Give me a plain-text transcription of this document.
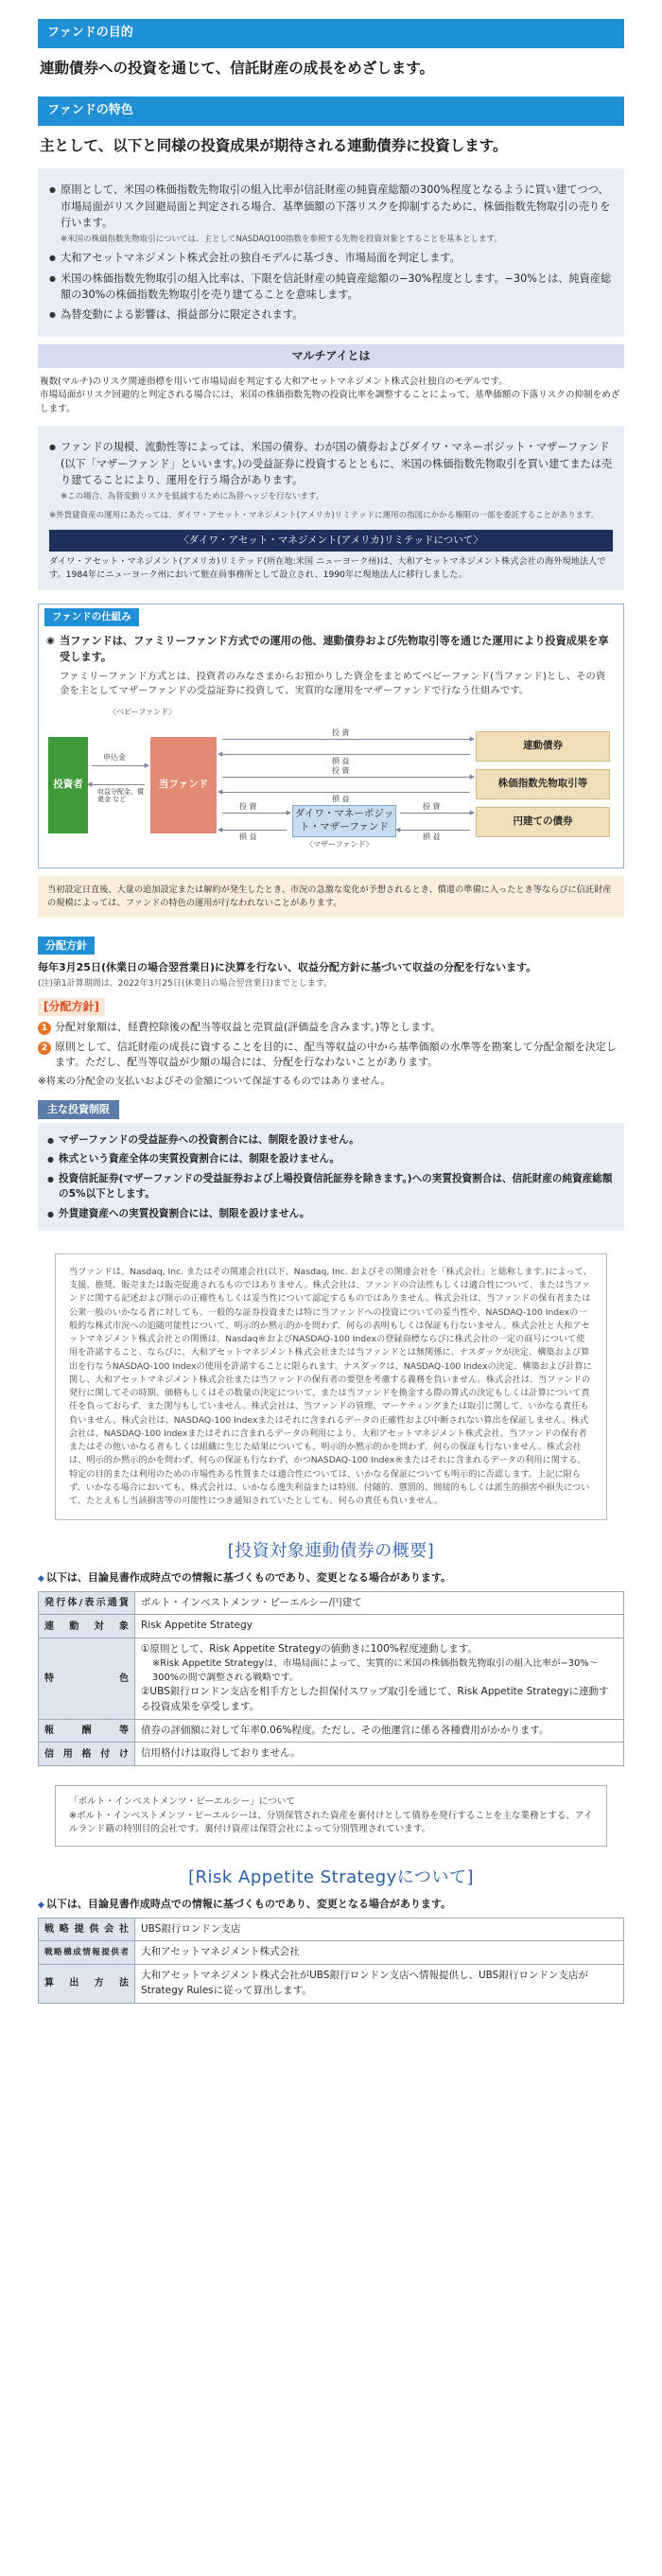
ファンドの目的
連動債券への投資を通じて、信託財産の成長をめざします。
ファンドの特色
主として、以下と同様の投資成果が期待される連動債券に投資します。
● 原則として、米国の株価指数先物取引の組入比率が信託財産の純資産総額の300%程度となるように買い建てつつ、市場局面がリスク回避局面と判定される場合、基準価額の下落リスクを抑制するために、株価指数先物取引の売りを行います。
※米国の株価指数先物取引については、主としてNASDAQ100指数を参照する先物を投資対象とすることを基本とします。
● 大和アセットマネジメント株式会社の独自モデルに基づき、市場局面を判定します。
● 米国の株価指数先物取引の組入比率は、下限を信託財産の純資産総額の−30%程度とします。−30%とは、純資産総額の30%の株価指数先物取引を売り建てることを意味します。
● 為替変動による影響は、損益部分に限定されます。
マルチアイとは
複数(マルチ)のリスク関連指標を用いて市場局面を判定する大和アセットマネジメント株式会社独自のモデルです。
市場局面がリスク回避的と判定される場合には、米国の株価指数先物の投資比率を調整することによって、基準価額の下落リスクの抑制をめざします。
● ファンドの規模、流動性等によっては、米国の債券、わが国の債券およびダイワ・マネーポジット・マザーファンド(以下「マザーファンド」といいます。)の受益証券に投資するとともに、米国の株価指数先物取引を買い建てまたは売り建てることにより、運用を行う場合があります。
※この場合、為替変動リスクを低減するために為替ヘッジを行ないます。
※外貨建資産の運用にあたっては、ダイワ・アセット・マネジメント(アメリカ)リミテッドに運用の指図にかかる権限の一部を委託することがあります。
〈ダイワ・アセット・マネジメント(アメリカ)リミテッドについて〉
ダイワ・アセット・マネジメント(アメリカ)リミテッド(所在地:米国 ニューヨーク州)は、大和アセットマネジメント株式会社の海外現地法人です。1984年にニューヨーク州において駐在員事務所として設立され、1990年に現地法人に移行しました。
ファンドの仕組み
◉ 当ファンドは、ファミリーファンド方式での運用の他、連動債券および先物取引等を通じた運用により投資成果を享受します。
ファミリーファンド方式とは、投資者のみなさまからお預かりした資金をまとめてベビーファンド(当ファンド)とし、その資金を主としてマザーファンドの受益証券に投資して、実質的な運用をマザーファンドで行なう仕組みです。
投資者
〈ベビーファンド〉
当ファンド
▶
申込金
◀
収益分配金、償還金 など
連動債券
株価指数先物取引等
円建ての債券
▶
投 資
◀
損 益
▶
投 資
◀
損 益
〈マザーファンド〉
ダイワ・マネーポジット・マザーファンド
▶
投 資
◀
損 益
▶
投 資
◀
損 益
当初設定日直後、大量の追加設定または解約が発生したとき、市況の急激な変化が予想されるとき、償還の準備に入ったとき等ならびに信託財産の規模によっては、ファンドの特色の運用が行なわれないことがあります。
分配方針
毎年3月25日(休業日の場合翌営業日)に決算を行ない、収益分配方針に基づいて収益の分配を行ないます。
(注)第1計算期間は、2022年3月25日(休業日の場合翌営業日)までとします。
[分配方針]
1 分配対象額は、経費控除後の配当等収益と売買益(評価益を含みます。)等とします。
2 原則として、信託財産の成長に資することを目的に、配当等収益の中から基準価額の水準等を勘案して分配金額を決定します。ただし、配当等収益が少額の場合には、分配を行なわないことがあります。
※将来の分配金の支払いおよびその金額について保証するものではありません。
主な投資制限
● マザーファンドの受益証券への投資割合には、制限を設けません。
● 株式という資産全体の実質投資割合には、制限を設けません。
● 投資信託証券(マザーファンドの受益証券および上場投資信託証券を除きます。)への実質投資割合は、信託財産の純資産総額の5%以下とします。
● 外貨建資産への実質投資割合には、制限を設けません。
当ファンドは、Nasdaq, Inc. またはその関連会社(以下、Nasdaq, Inc. およびその関連会社を「株式会社」と総称します。)によって、支援、推奨、販売または販売促進されるものではありません。株式会社は、ファンドの合法性もしくは適合性について、または当ファンドに関する記述および開示の正確性もしくは妥当性について認定するものではありません。株式会社は、当ファンドの保有者または公衆一般のいかなる者に対しても、一般的な証券投資または特に当ファンドへの投資についての妥当性や、NASDAQ-100 Indexの一般的な株式市況への追随可能性について、明示的か黙示的かを問わず、何らの表明もしくは保証も行ないません。株式会社と大和アセットマネジメント株式会社との関係は、Nasdaq®およびNASDAQ-100 Indexの登録商標ならびに株式会社の一定の商号について使用を許諾すること、ならびに、大和アセットマネジメント株式会社または当ファンドとは無関係に、ナスダックが決定、構築および算出を行なうNASDAQ-100 Indexの使用を許諾することに限られます。ナスダックは、NASDAQ-100 Indexの決定、構築および計算に関し、大和アセットマネジメント株式会社または当ファンドの保有者の要望を考慮する義務を負いません。株式会社は、当ファンドの発行に関してその時期、価格もしくはその数量の決定について、または当ファンドを換金する際の算式の決定もしくは計算について責任を負っておらず、また関与もしていません。株式会社は、当ファンドの管理、マーケティングまたは取引に関して、いかなる責任も負いません。株式会社は、NASDAQ-100 Indexまたはそれに含まれるデータの正確性および中断されない算出を保証しません。株式会社は、NASDAQ-100 Indexまたはそれに含まれるデータの利用により、大和アセットマネジメント株式会社、当ファンドの保有者またはその他いかなる者もしくは組織に生じた結果についても、明示的か黙示的かを問わず、何らの保証も行ないません。株式会社は、明示的か黙示的かを問わず、何らの保証も行なわず、かつNASDAQ-100 Index®またはそれに含まれるデータの利用に関する、特定の目的または利用のための市場性ある性質または適合性については、いかなる保証についても明示的に否認します。上記に限らず、いかなる場合においても、株式会社は、いかなる逸失利益または特別、付随的、懲罰的、間接的もしくは派生的損害や損失について、たとえもし当該損害等の可能性につき通知されていたとしても、何らの責任も負いません。
[投資対象連動債券の概要]
◆ 以下は、目論見書作成時点での情報に基づくものであり、変更となる場合があります。
発行体/表示通貨	ボルト・インベストメンツ・ピーエルシー/円建て
連動対象	Risk Appetite Strategy
特色	①原則として、Risk Appetite Strategyの値動きに100%程度連動します。
※Risk Appetite Strategyは、市場局面によって、実質的に米国の株価指数先物取引の組入比率が−30%〜300%の間で調整される戦略です。
②UBS銀行ロンドン支店を相手方とした担保付スワップ取引を通じて、Risk Appetite Strategyに連動する投資成果を享受します。

報酬等	債券の評価額に対して年率0.06%程度。ただし、その他運営に係る各種費用がかかります。
信用格付け	信用格付けは取得しておりません。
「ボルト・インベストメンツ・ピーエルシー」について
※ボルト・インベストメンツ・ピーエルシーは、分別保管された資産を裏付けとして債券を発行することを主な業務とする、アイルランド籍の特別目的会社です。裏付け資産は保管会社によって分別管理されています。
[Risk Appetite Strategyについて]
◆ 以下は、目論見書作成時点での情報に基づくものであり、変更となる場合があります。
戦略提供会社	UBS銀行ロンドン支店
戦略構成情報提供者	大和アセットマネジメント株式会社
算出方法	大和アセットマネジメント株式会社がUBS銀行ロンドン支店へ情報提供し、UBS銀行ロンドン支店がStrategy Rulesに従って算出します。
